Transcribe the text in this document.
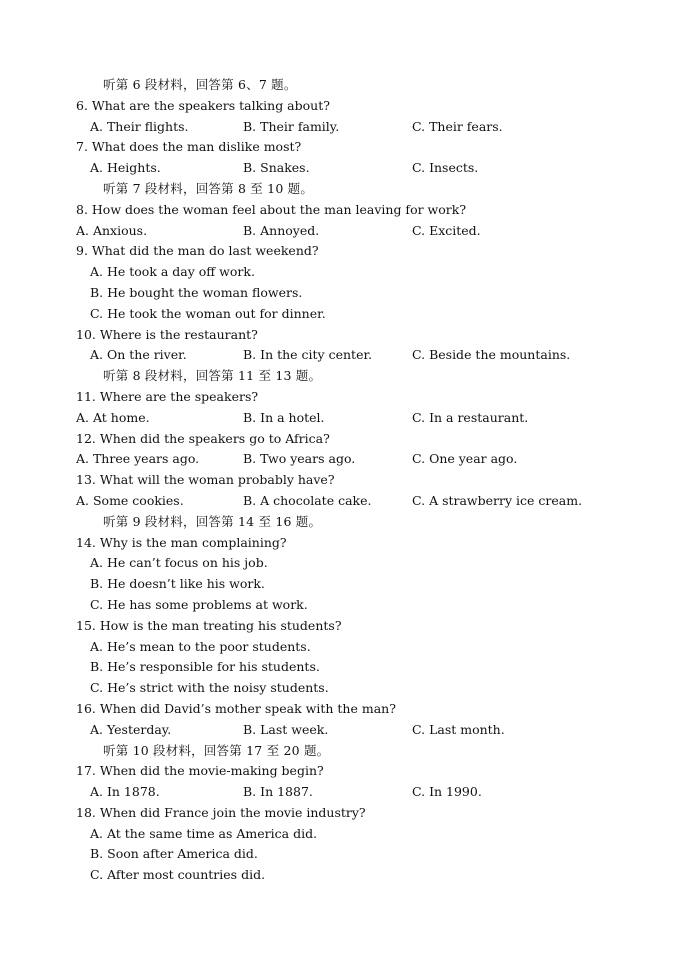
听第 6 段材料，回答第 6、7 题。
6. What are the speakers talking about?
A. Their flights.	B. Their family.	C. Their fears.
7. What does the man dislike most?
A. Heights.	B. Snakes.	C. Insects.
听第 7 段材料，回答第 8 至 10 题。
8. How does the woman feel about the man leaving for work?
A. Anxious.	B. Annoyed.	C. Excited.
9. What did the man do last weekend?
A. He took a day off work.
B. He bought the woman flowers.
C. He took the woman out for dinner.
10. Where is the restaurant?
A. On the river.	B. In the city center.	C. Beside the mountains.
听第 8 段材料，回答第 11 至 13 题。
11. Where are the speakers?
A. At home.	B. In a hotel.	C. In a restaurant.
12. When did the speakers go to Africa?
A. Three years ago.	B. Two years ago.	C. One year ago.
13. What will the woman probably have?
A. Some cookies.	B. A chocolate cake.	C. A strawberry ice cream.
听第 9 段材料，回答第 14 至 16 题。
14. Why is the man complaining?
A. He can’t focus on his job.
B. He doesn’t like his work.
C. He has some problems at work.
15. How is the man treating his students?
A. He’s mean to the poor students.
B. He’s responsible for his students.
C. He’s strict with the noisy students.
16. When did David’s mother speak with the man?
A. Yesterday.	B. Last week.	C. Last month.
听第 10 段材料，回答第 17 至 20 题。
17. When did the movie-making begin?
A. In 1878.	B. In 1887.	C. In 1990.
18. When did France join the movie industry?
A. At the same time as America did.
B. Soon after America did.
C. After most countries did.
